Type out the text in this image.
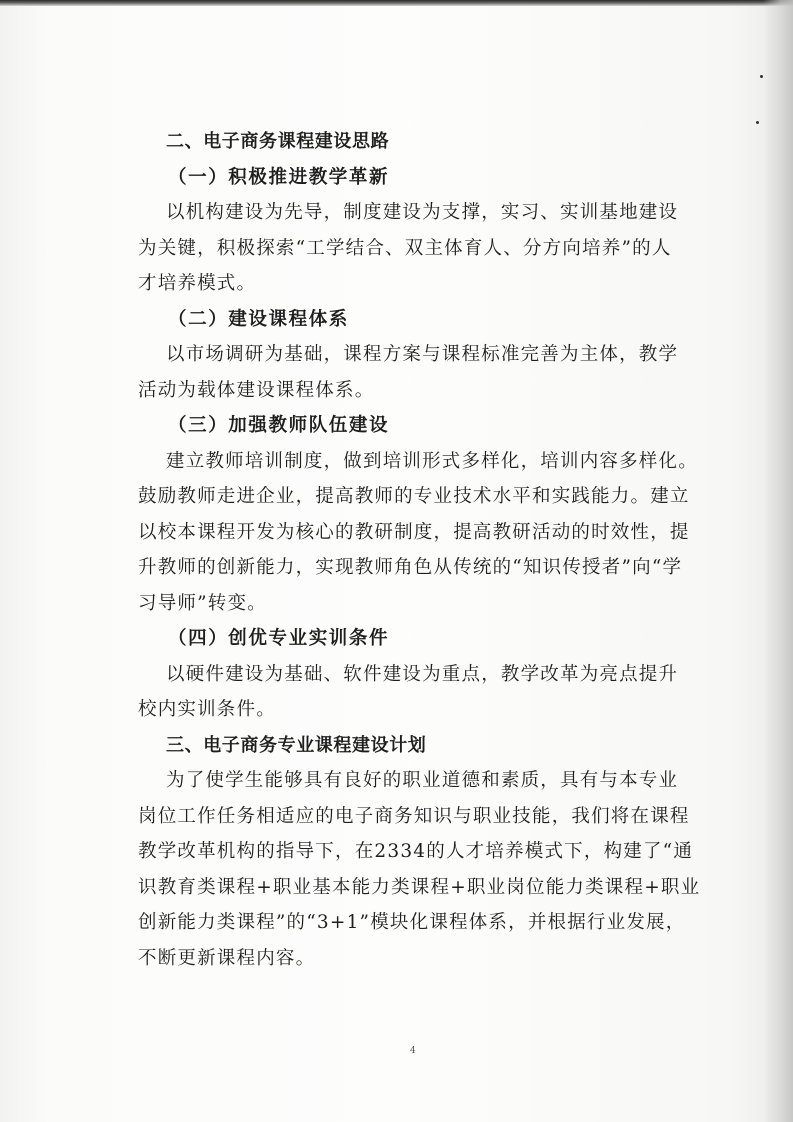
二、电子商务课程建设思路

（一）积极推进教学革新

以机构建设为先导，制度建设为支撑，实习、实训基地建设

为关键，积极探索“工学结合、双主体育人、分方向培养”的人

才培养模式。

（二）建设课程体系

以市场调研为基础，课程方案与课程标准完善为主体，教学

活动为载体建设课程体系。

（三）加强教师队伍建设

建立教师培训制度，做到培训形式多样化，培训内容多样化。

鼓励教师走进企业，提高教师的专业技术水平和实践能力。建立

以校本课程开发为核心的教研制度，提高教研活动的时效性，提

升教师的创新能力，实现教师角色从传统的“知识传授者”向“学

习导师”转变。

（四）创优专业实训条件

以硬件建设为基础、软件建设为重点，教学改革为亮点提升

校内实训条件。

三、电子商务专业课程建设计划

为了使学生能够具有良好的职业道德和素质，具有与本专业

岗位工作任务相适应的电子商务知识与职业技能，我们将在课程

教学改革机构的指导下，在2334的人才培养模式下，构建了“通

识教育类课程+职业基本能力类课程+职业岗位能力类课程+职业

创新能力类课程”的“3+1”模块化课程体系，并根据行业发展，

不断更新课程内容。

4
